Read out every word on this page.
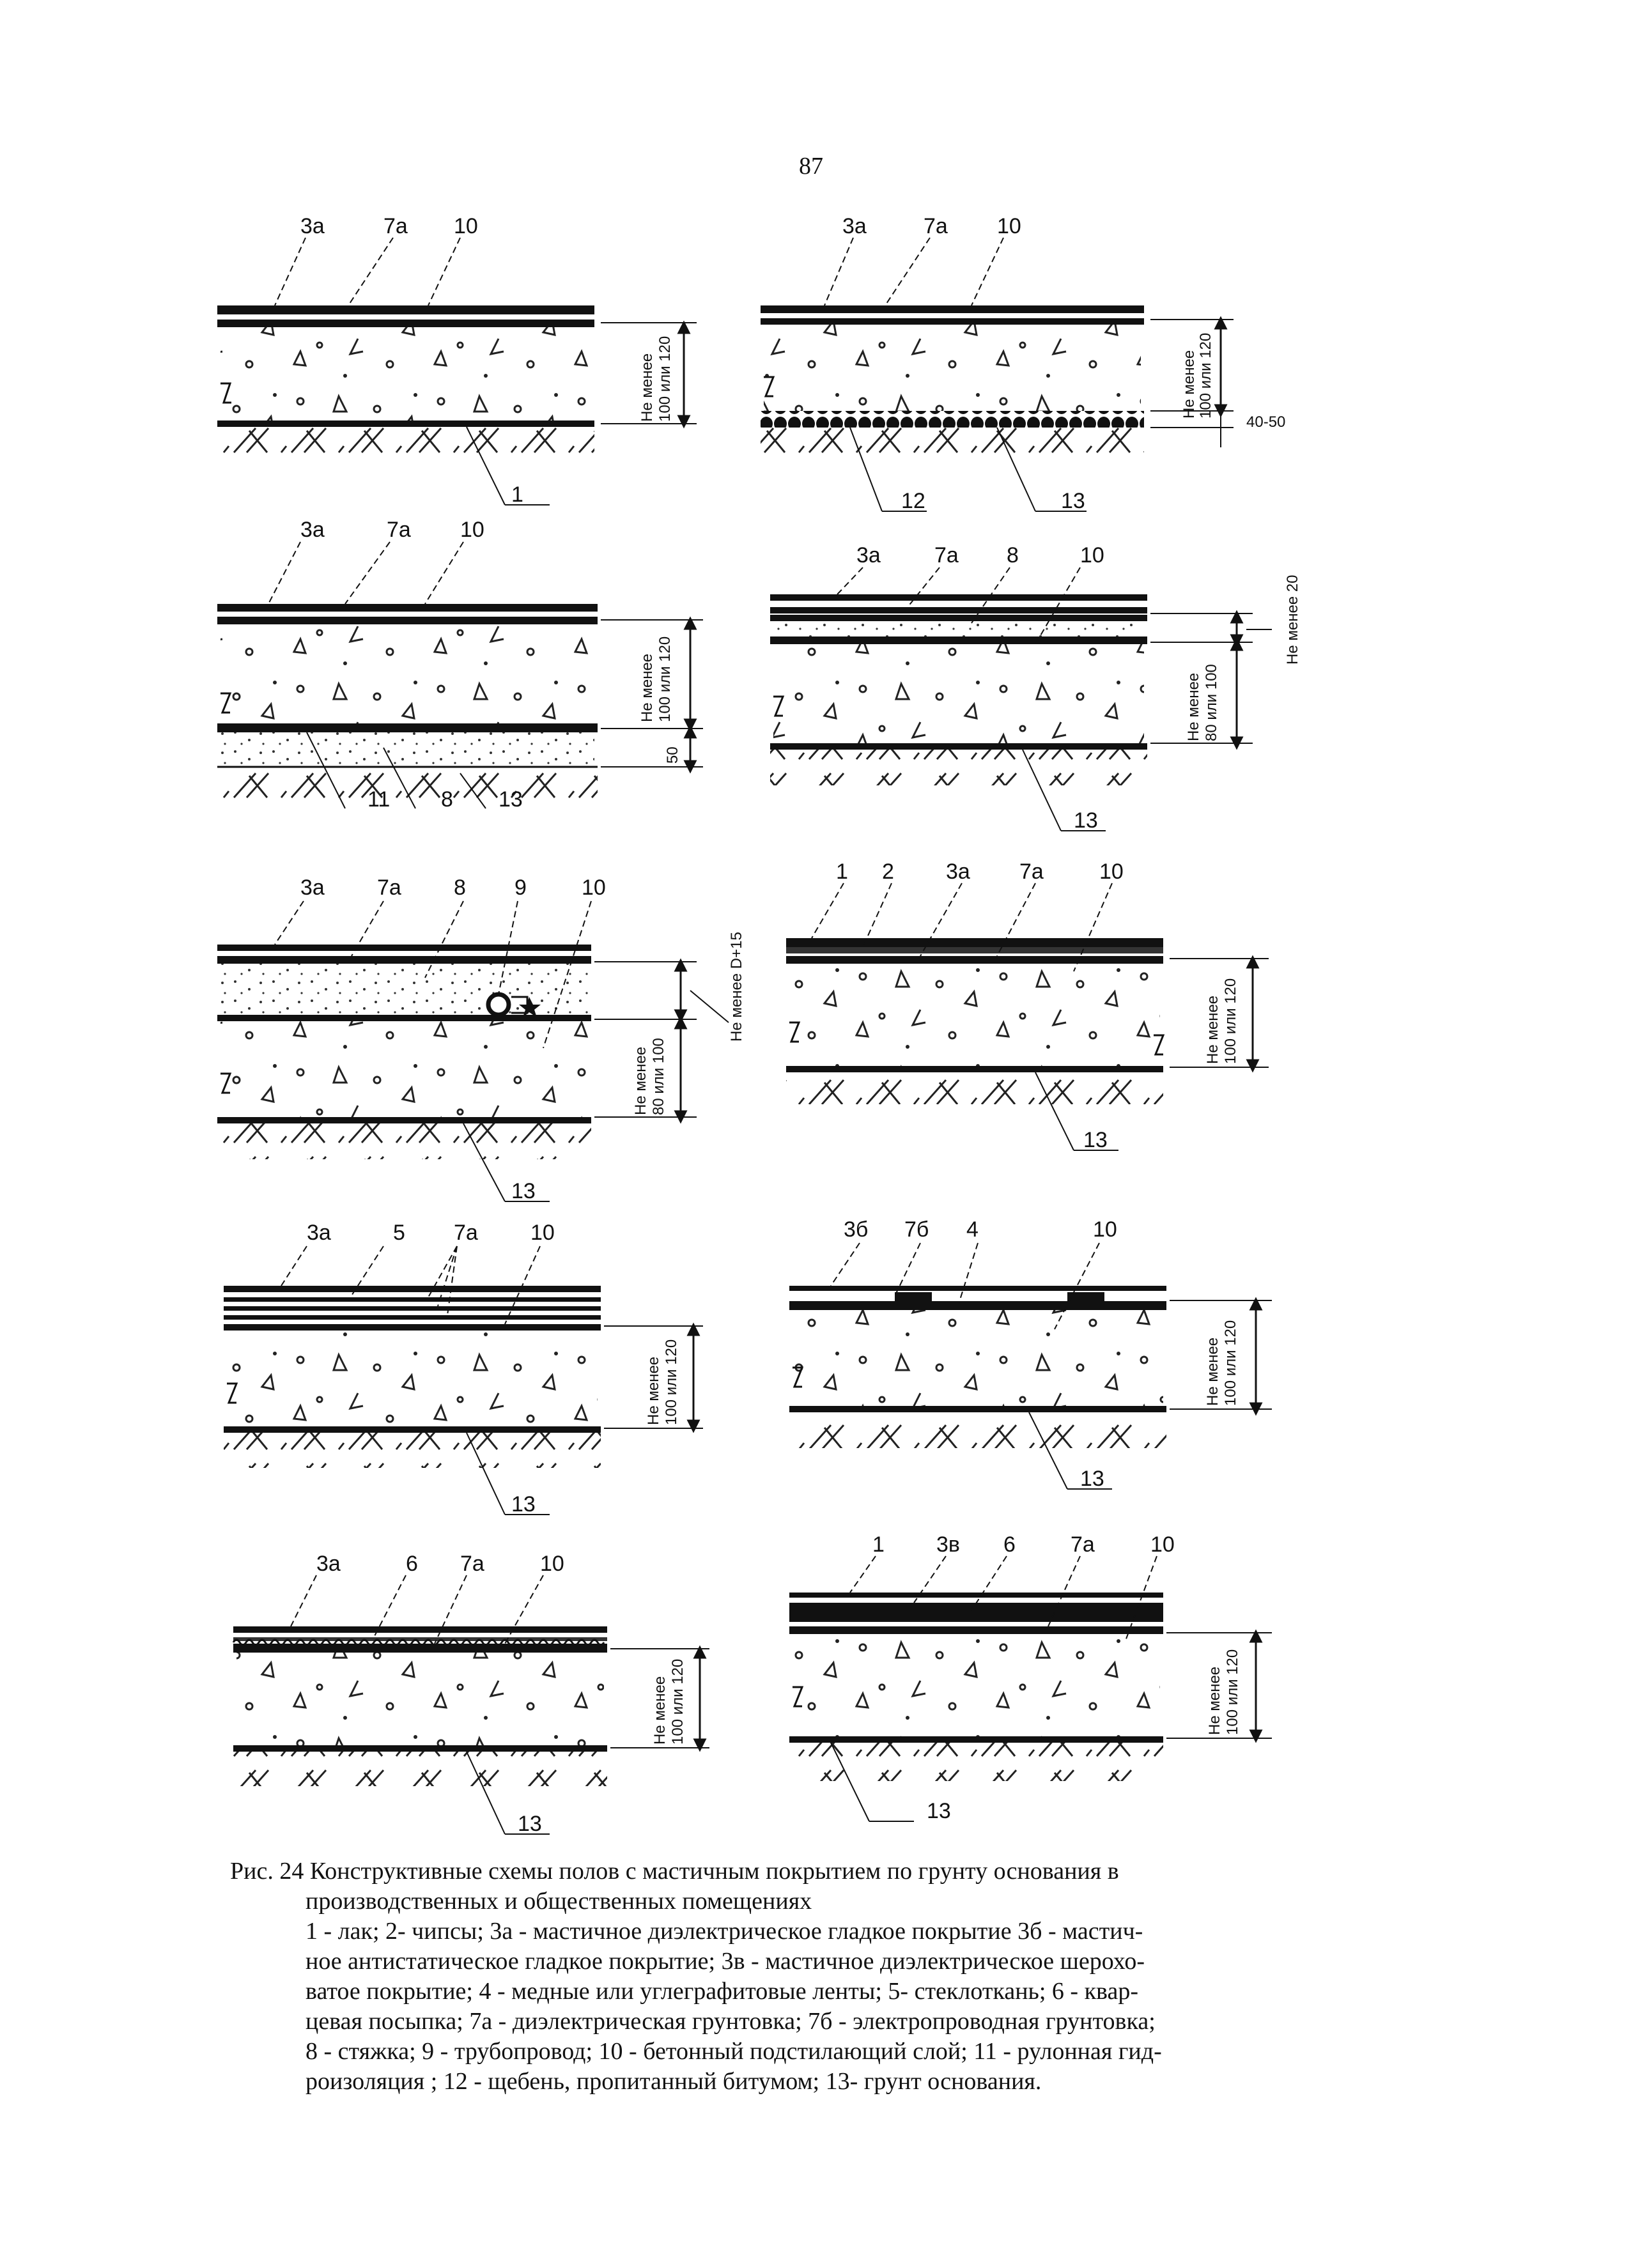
87
3a	7a 10
1
Не менее 100 или 120
3a	7a 10
12	13
Не менее 100 или 120
40-50
3a	7a 10
11 8 13
Не менее 100 или 120
50
3a 7a 8	10
13
Не менее 20
Не менее 80 или 100
3a 7a 8 9	10
13
Не менее D+15
Не менее 80 или 100
1 2 3a 7a	10
13
Не менее 100 или 120
3a	5 7a 10
13
Не менее 100 или 120
3б 7б 4	10
13
Не менее 100 или 120
3a	6 7a	10
13
Не менее 100 или 120
1 3в 6	7a	10
13
Не менее 100 или 120
Рис. 24 Конструктивные схемы полов с мастичным покрытием по грунту основания в
производственных и общественных помещениях
1 - лак; 2- чипсы; 3а - мастичное диэлектрическое гладкое покрытие 3б - мастич-
ное антистатическое гладкое покрытие; 3в - мастичное диэлектрическое шерохо-
ватое покрытие; 4 - медные или углеграфитовые ленты; 5- стеклоткань; 6 - квар-
цевая посыпка; 7а - диэлектрическая грунтовка; 7б - электропроводная грунтовка;
8 - стяжка; 9 - трубопровод; 10 - бетонный подстилающий слой; 11 - рулонная гид-
роизоляция ; 12 - щебень, пропитанный битумом; 13- грунт основания.
